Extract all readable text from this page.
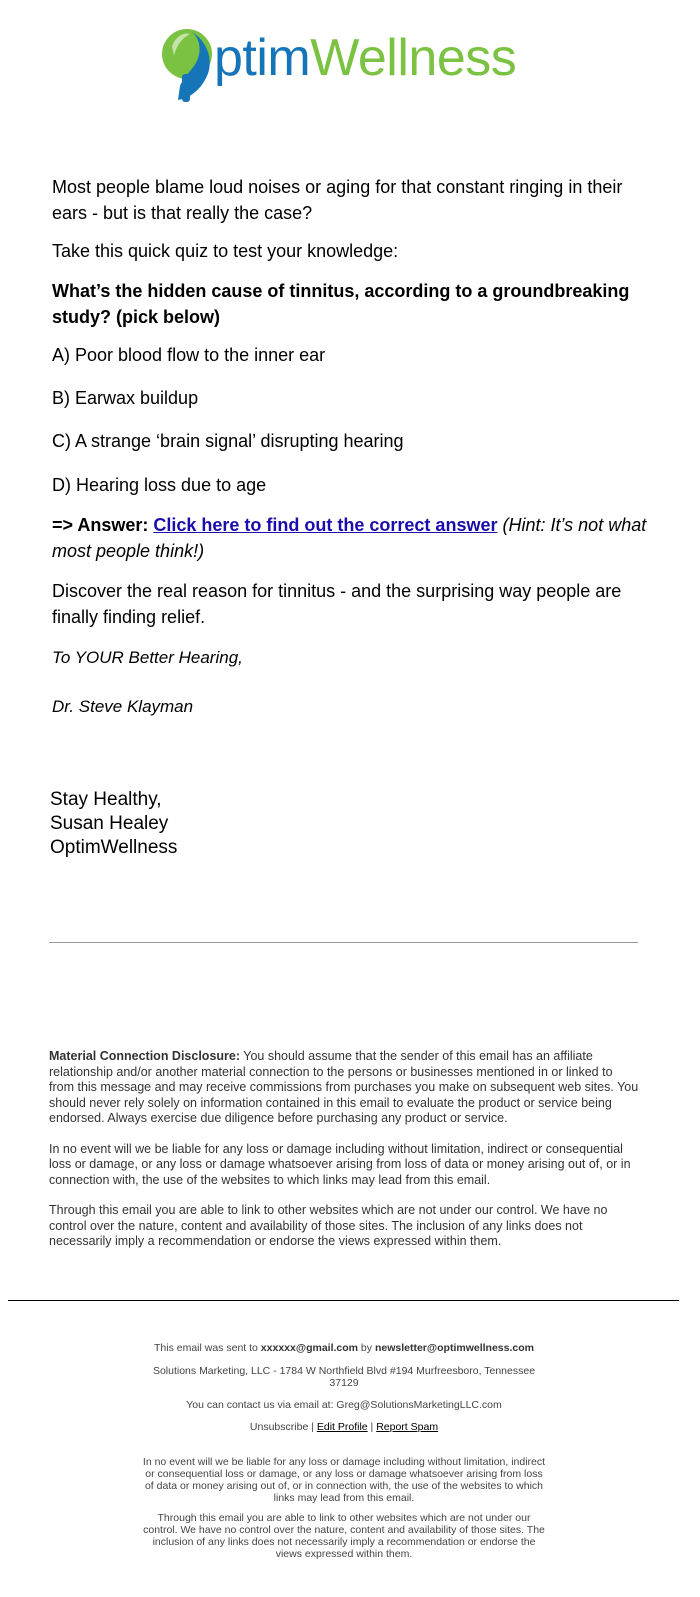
ptim Wellness

Most people blame loud noises or aging for that constant ringing in their ears - but is that really the case?

Take this quick quiz to test your knowledge:

What’s the hidden cause of tinnitus, according to a groundbreaking study? (pick below)

A) Poor blood flow to the inner ear
B) Earwax buildup
C) A strange ‘brain signal’ disrupting hearing
D) Hearing loss due to age

=> Answer: Click here to find out the correct answer (Hint: It’s not what most people think!)

Discover the real reason for tinnitus - and the surprising way people are finally finding relief.

To YOUR Better Hearing,

Dr. Steve Klayman

Stay Healthy,
Susan Healey
OptimWellness

Material Connection Disclosure: You should assume that the sender of this email has an affiliate relationship and/or another material connection to the persons or businesses mentioned in or linked to from this message and may receive commissions from purchases you make on subsequent web sites. You should never rely solely on information contained in this email to evaluate the product or service being endorsed. Always exercise due diligence before purchasing any product or service.

In no event will we be liable for any loss or damage including without limitation, indirect or consequential loss or damage, or any loss or damage whatsoever arising from loss of data or money arising out of, or in connection with, the use of the websites to which links may lead from this email.

Through this email you are able to link to other websites which are not under our control. We have no control over the nature, content and availability of those sites. The inclusion of any links does not necessarily imply a recommendation or endorse the views expressed within them.

This email was sent to xxxxxx@gmail.com by newsletter@optimwellness.com
Solutions Marketing, LLC - 1784 W Northfield Blvd #194 Murfreesboro, Tennessee 37129
You can contact us via email at: Greg@SolutionsMarketingLLC.com
Unsubscribe | Edit Profile | Report Spam
In no event will we be liable for any loss or damage including without limitation, indirect or consequential loss or damage, or any loss or damage whatsoever arising from loss of data or money arising out of, or in connection with, the use of the websites to which links may lead from this email.
Through this email you are able to link to other websites which are not under our control. We have no control over the nature, content and availability of those sites. The inclusion of any links does not necessarily imply a recommendation or endorse the views expressed within them.
